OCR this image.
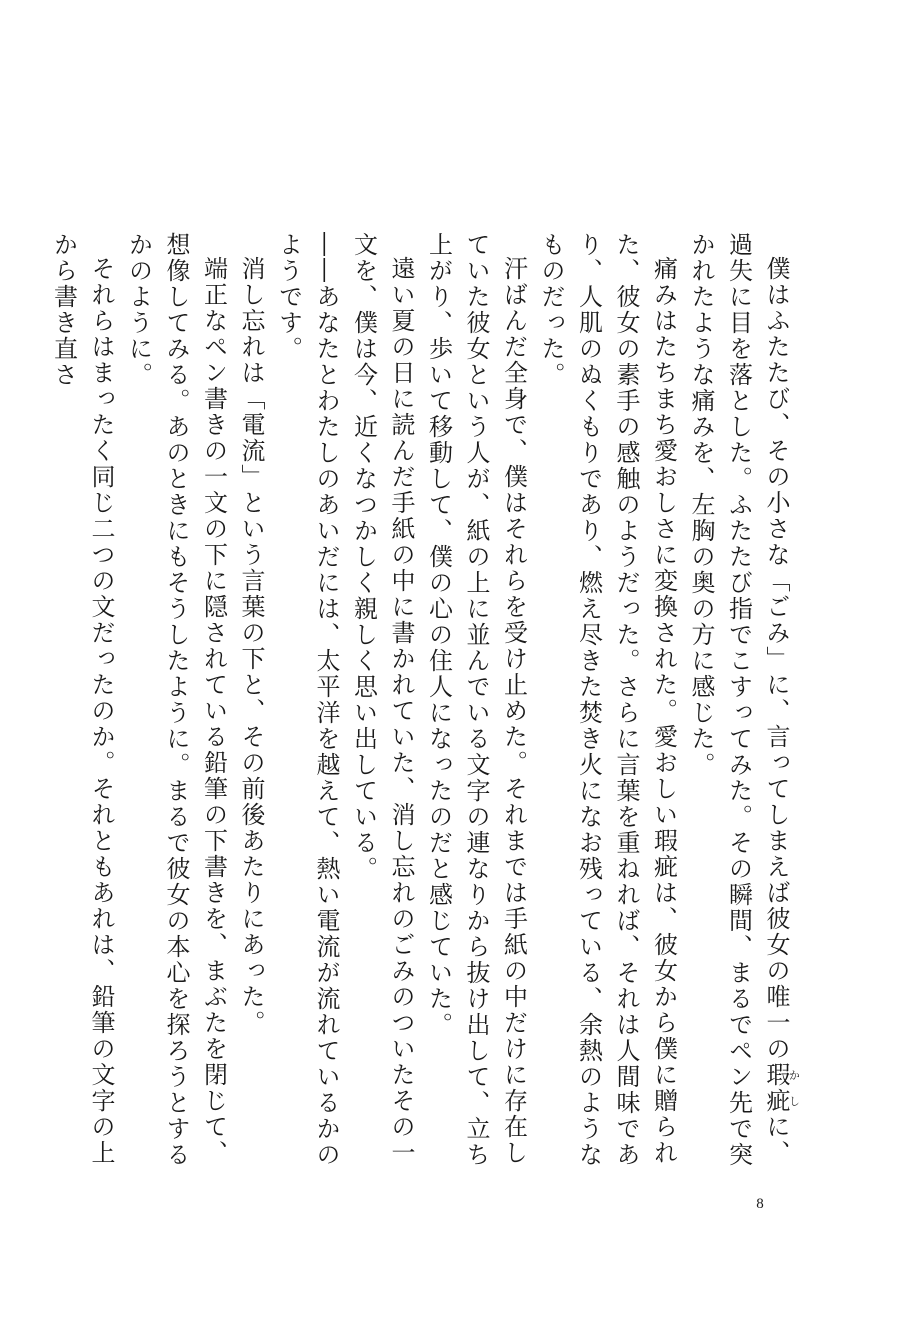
僕はふたたび、その小さな「ごみ」に、言ってしまえば彼女の唯一の瑕疵かしに、過失に目を落とした。ふたたび指でこすってみた。その瞬間、まるでペン先で突かれたような痛みを、左胸の奥の方に感じた。

痛みはたちまち愛おしさに変換された。愛おしい瑕疵は、彼女から僕に贈られた、彼女の素手の感触のようだった。さらに言葉を重ねれば、それは人間味であり、人肌のぬくもりであり、燃え尽きた焚き火になお残っている、余熱のようなものだった。

汗ばんだ全身で、僕はそれらを受け止めた。それまでは手紙の中だけに存在していた彼女という人が、紙の上に並んでいる文字の連なりから抜け出して、立ち上がり、歩いて移動して、僕の心の住人になったのだと感じていた。

遠い夏の日に読んだ手紙の中に書かれていた、消し忘れのごみのついたその一文を、僕は今、近くなつかしく親しく思い出している。

――あなたとわたしのあいだには、太平洋を越えて、熱い電流が流れているかのようです。

消し忘れは「電流」という言葉の下と、その前後あたりにあった。

端正なペン書きの一文の下に隠されている鉛筆の下書きを、まぶたを閉じて、想像してみる。あのときにもそうしたように。まるで彼女の本心を探ろうとするかのように。

それらはまったく同じ二つの文だったのか。それともあれは、鉛筆の文字の上から書き直さ

8
